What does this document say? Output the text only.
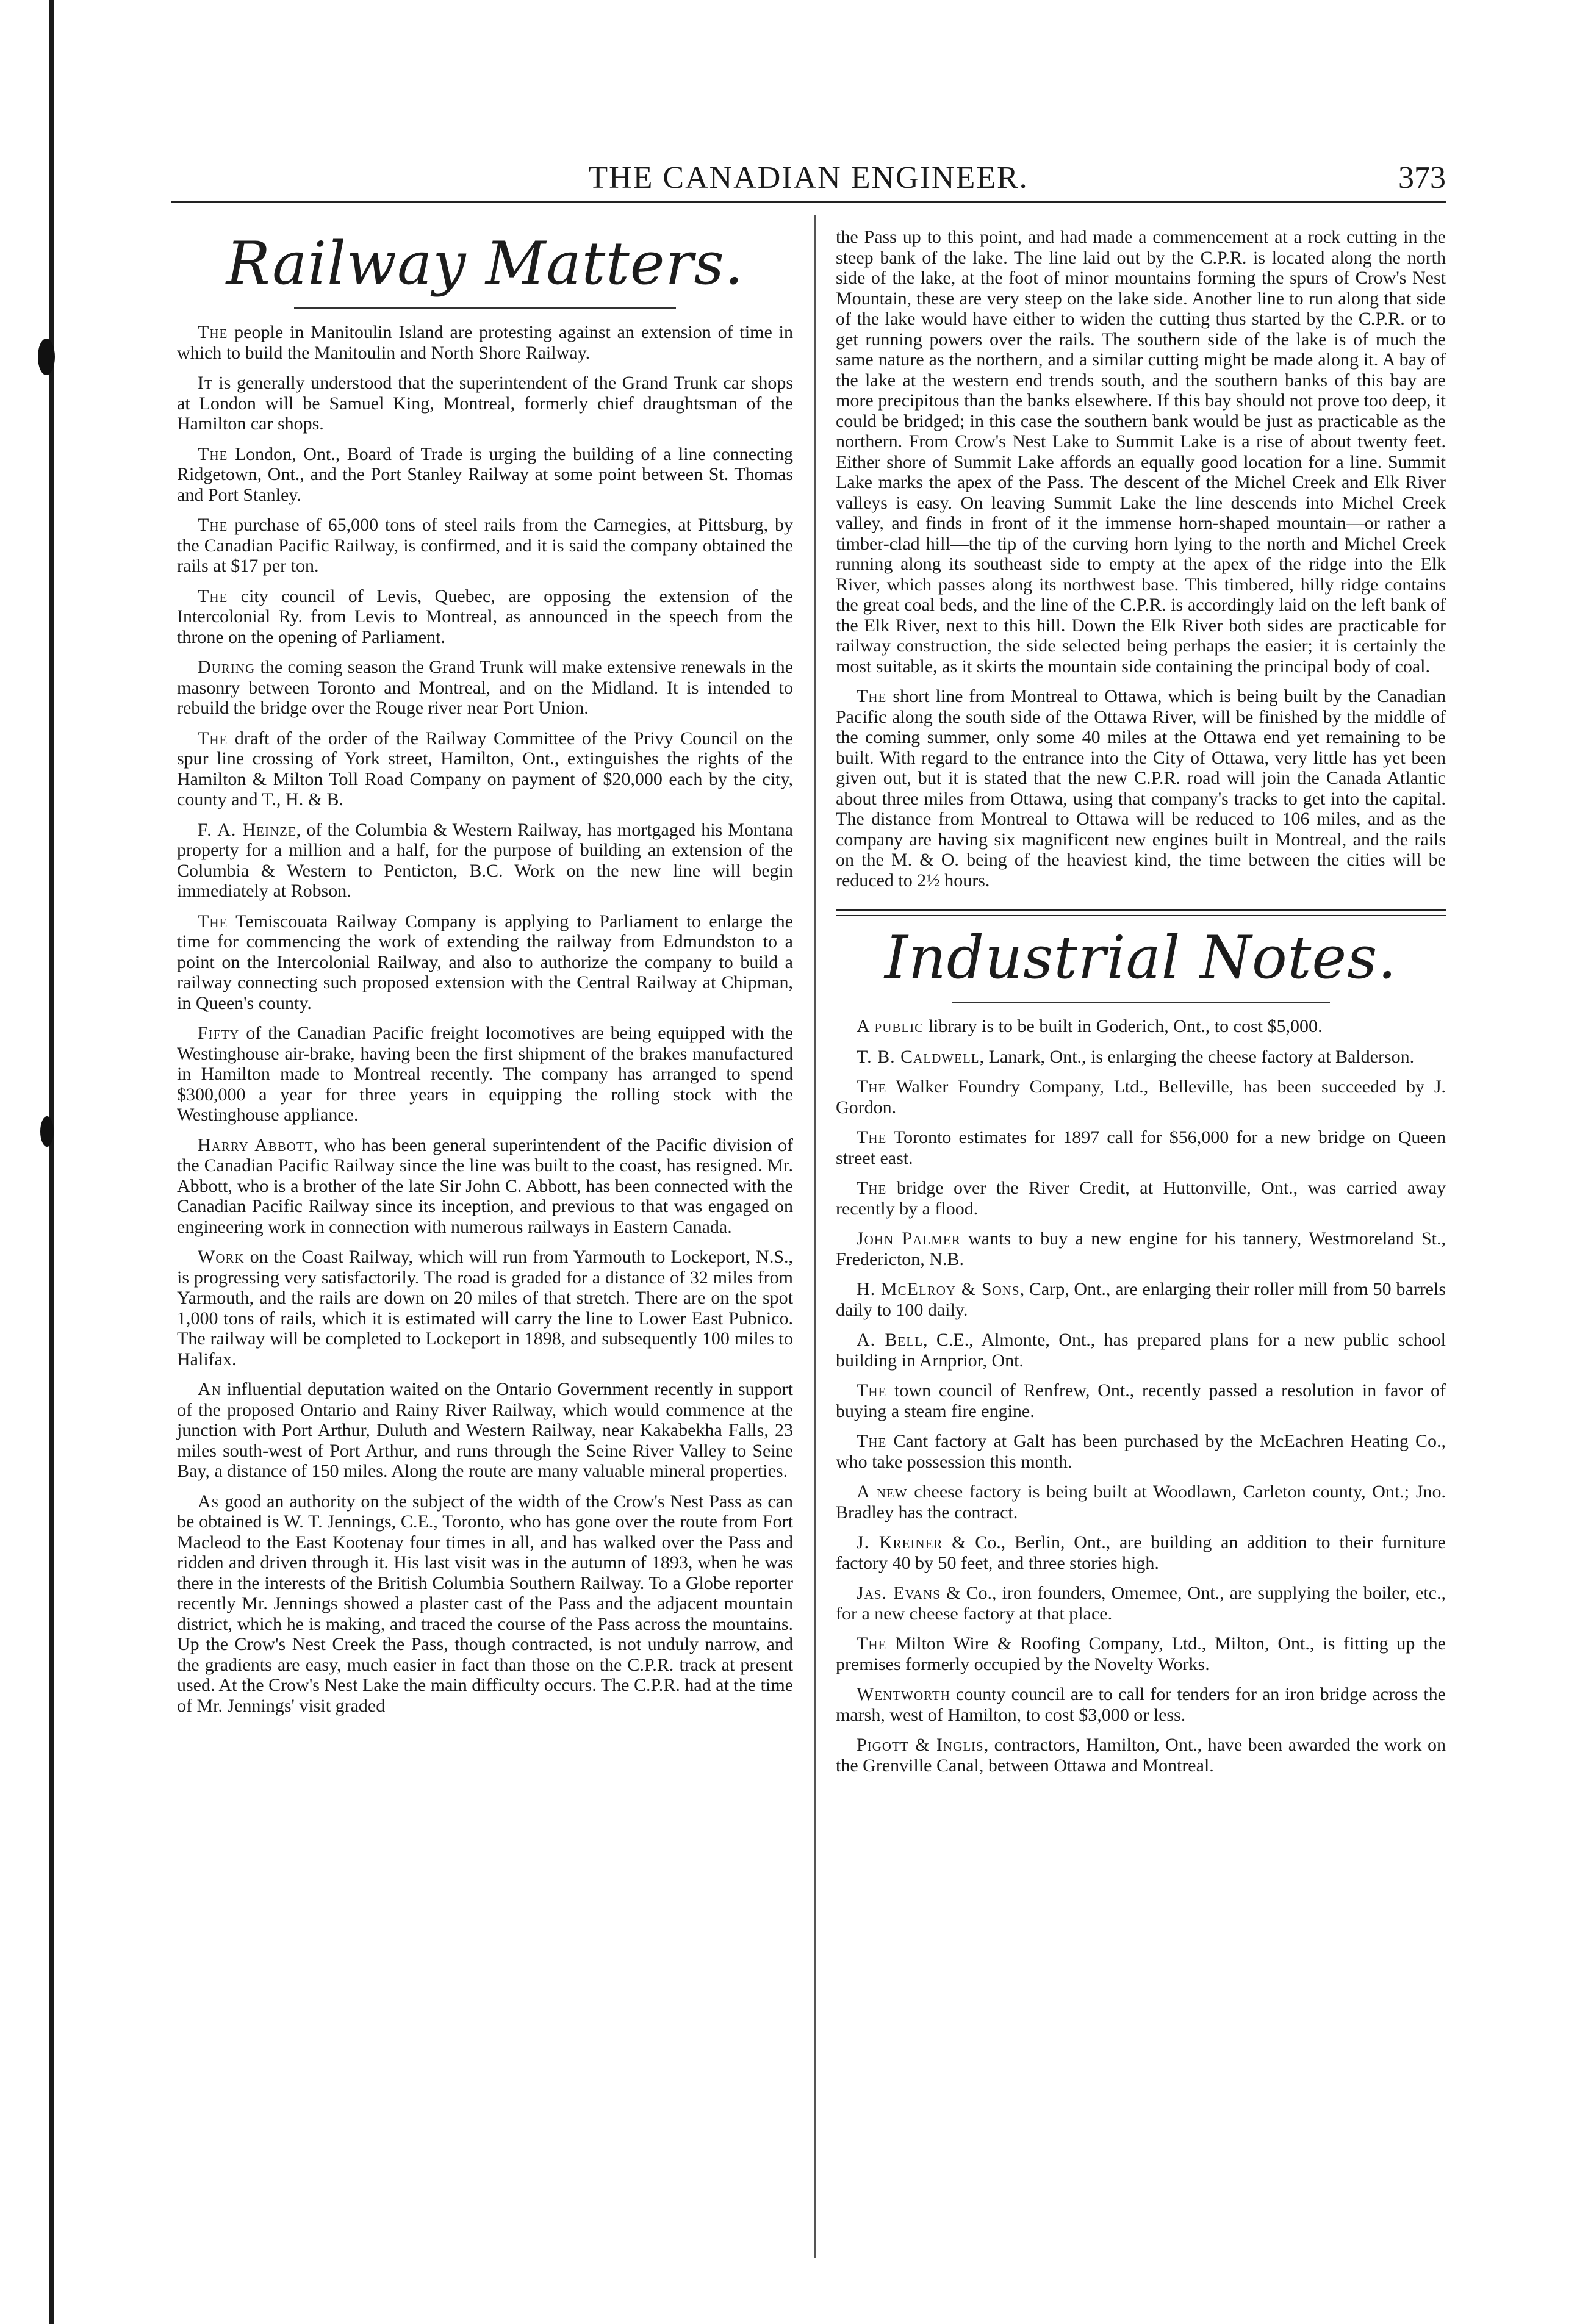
THE CANADIAN ENGINEER.	373
Railway Matters.

The people in Manitoulin Island are protesting against an extension of time in which to build the Manitoulin and North Shore Railway.

It is generally understood that the superintendent of the Grand Trunk car shops at London will be Samuel King, Montreal, formerly chief draughtsman of the Hamilton car shops.

The London, Ont., Board of Trade is urging the building of a line connecting Ridgetown, Ont., and the Port Stanley Railway at some point between St. Thomas and Port Stanley.

The purchase of 65,000 tons of steel rails from the Carnegies, at Pittsburg, by the Canadian Pacific Railway, is confirmed, and it is said the company obtained the rails at $17 per ton.

The city council of Levis, Quebec, are opposing the extension of the Intercolonial Ry. from Levis to Montreal, as announced in the speech from the throne on the opening of Parliament.

During the coming season the Grand Trunk will make extensive renewals in the masonry between Toronto and Montreal, and on the Midland. It is intended to rebuild the bridge over the Rouge river near Port Union.

The draft of the order of the Railway Committee of the Privy Council on the spur line crossing of York street, Hamilton, Ont., extinguishes the rights of the Hamilton & Milton Toll Road Company on payment of $20,000 each by the city, county and T., H. & B.

F. A. Heinze, of the Columbia & Western Railway, has mortgaged his Montana property for a million and a half, for the purpose of building an extension of the Columbia & Western to Penticton, B.C. Work on the new line will begin immediately at Robson.

The Temiscouata Railway Company is applying to Parliament to enlarge the time for commencing the work of extending the railway from Edmundston to a point on the Intercolonial Railway, and also to authorize the company to build a railway connecting such proposed extension with the Central Railway at Chipman, in Queen's county.

Fifty of the Canadian Pacific freight locomotives are being equipped with the Westinghouse air-brake, having been the first shipment of the brakes manufactured in Hamilton made to Montreal recently. The company has arranged to spend $300,000 a year for three years in equipping the rolling stock with the Westinghouse appliance.

Harry Abbott, who has been general superintendent of the Pacific division of the Canadian Pacific Railway since the line was built to the coast, has resigned. Mr. Abbott, who is a brother of the late Sir John C. Abbott, has been connected with the Canadian Pacific Railway since its inception, and previous to that was engaged on engineering work in connection with numerous railways in Eastern Canada.

Work on the Coast Railway, which will run from Yarmouth to Lockeport, N.S., is progressing very satisfactorily. The road is graded for a distance of 32 miles from Yarmouth, and the rails are down on 20 miles of that stretch. There are on the spot 1,000 tons of rails, which it is estimated will carry the line to Lower East Pubnico. The railway will be completed to Lockeport in 1898, and subsequently 100 miles to Halifax.

An influential deputation waited on the Ontario Government recently in support of the proposed Ontario and Rainy River Railway, which would commence at the junction with Port Arthur, Duluth and Western Railway, near Kakabekha Falls, 23 miles south-west of Port Arthur, and runs through the Seine River Valley to Seine Bay, a distance of 150 miles. Along the route are many valuable mineral properties.

As good an authority on the subject of the width of the Crow's Nest Pass as can be obtained is W. T. Jennings, C.E., Toronto, who has gone over the route from Fort Macleod to the East Kootenay four times in all, and has walked over the Pass and ridden and driven through it. His last visit was in the autumn of 1893, when he was there in the interests of the British Columbia Southern Railway. To a Globe reporter recently Mr. Jennings showed a plaster cast of the Pass and the adjacent mountain district, which he is making, and traced the course of the Pass across the mountains. Up the Crow's Nest Creek the Pass, though contracted, is not unduly narrow, and the gradients are easy, much easier in fact than those on the C.P.R. track at present used. At the Crow's Nest Lake the main difficulty occurs. The C.P.R. had at the time of Mr. Jennings' visit graded

the Pass up to this point, and had made a commencement at a rock cutting in the steep bank of the lake. The line laid out by the C.P.R. is located along the north side of the lake, at the foot of minor mountains forming the spurs of Crow's Nest Mountain, these are very steep on the lake side. Another line to run along that side of the lake would have either to widen the cutting thus started by the C.P.R. or to get running powers over the rails. The southern side of the lake is of much the same nature as the northern, and a similar cutting might be made along it. A bay of the lake at the western end trends south, and the southern banks of this bay are more precipitous than the banks elsewhere. If this bay should not prove too deep, it could be bridged; in this case the southern bank would be just as practicable as the northern. From Crow's Nest Lake to Summit Lake is a rise of about twenty feet. Either shore of Summit Lake affords an equally good location for a line. Summit Lake marks the apex of the Pass. The descent of the Michel Creek and Elk River valleys is easy. On leaving Summit Lake the line descends into Michel Creek valley, and finds in front of it the immense horn-shaped mountain—or rather a timber-clad hill—the tip of the curving horn lying to the north and Michel Creek running along its southeast side to empty at the apex of the ridge into the Elk River, which passes along its northwest base. This timbered, hilly ridge contains the great coal beds, and the line of the C.P.R. is accordingly laid on the left bank of the Elk River, next to this hill. Down the Elk River both sides are practicable for railway construction, the side selected being perhaps the easier; it is certainly the most suitable, as it skirts the mountain side containing the principal body of coal.

The short line from Montreal to Ottawa, which is being built by the Canadian Pacific along the south side of the Ottawa River, will be finished by the middle of the coming summer, only some 40 miles at the Ottawa end yet remaining to be built. With regard to the entrance into the City of Ottawa, very little has yet been given out, but it is stated that the new C.P.R. road will join the Canada Atlantic about three miles from Ottawa, using that company's tracks to get into the capital. The distance from Montreal to Ottawa will be reduced to 106 miles, and as the company are having six magnificent new engines built in Montreal, and the rails on the M. & O. being of the heaviest kind, the time between the cities will be reduced to 2½ hours.

Industrial Notes.

A public library is to be built in Goderich, Ont., to cost $5,000.

T. B. Caldwell, Lanark, Ont., is enlarging the cheese factory at Balderson.

The Walker Foundry Company, Ltd., Belleville, has been succeeded by J. Gordon.

The Toronto estimates for 1897 call for $56,000 for a new bridge on Queen street east.

The bridge over the River Credit, at Huttonville, Ont., was carried away recently by a flood.

John Palmer wants to buy a new engine for his tannery, Westmoreland St., Fredericton, N.B.

H. McElroy & Sons, Carp, Ont., are enlarging their roller mill from 50 barrels daily to 100 daily.

A. Bell, C.E., Almonte, Ont., has prepared plans for a new public school building in Arnprior, Ont.

The town council of Renfrew, Ont., recently passed a resolution in favor of buying a steam fire engine.

The Cant factory at Galt has been purchased by the McEachren Heating Co., who take possession this month.

A new cheese factory is being built at Woodlawn, Carleton county, Ont.; Jno. Bradley has the contract.

J. Kreiner & Co., Berlin, Ont., are building an addition to their furniture factory 40 by 50 feet, and three stories high.

Jas. Evans & Co., iron founders, Omemee, Ont., are supplying the boiler, etc., for a new cheese factory at that place.

The Milton Wire & Roofing Company, Ltd., Milton, Ont., is fitting up the premises formerly occupied by the Novelty Works.

Wentworth county council are to call for tenders for an iron bridge across the marsh, west of Hamilton, to cost $3,000 or less.

Pigott & Inglis, contractors, Hamilton, Ont., have been awarded the work on the Grenville Canal, between Ottawa and Montreal.
